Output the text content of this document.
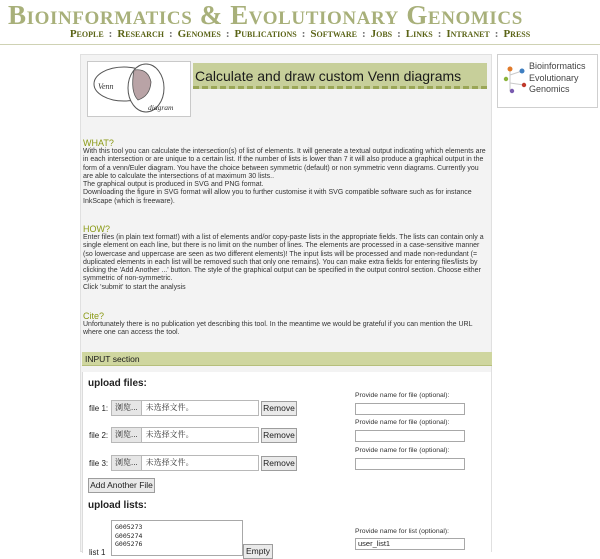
Bioinformatics & Evolutionary Genomics
People : Research : Genomes : Publications : Software : Jobs : Links : Intranet : Press
Venn
diagram
Calculate and draw custom Venn diagrams
WHAT?

With this tool you can calculate the intersection(s) of list of elements. It will generate a textual output indicating which elements are in each intersection or are unique to a certain list. If the number of lists is lower than 7 it will also produce a graphical output in the form of a venn/Euler diagram. You have the choice between symmetric (default) or non symmetric venn diagrams. Currently you are able to calculate the intersections of at maximum 30 lists..

The graphical output is produced in SVG and PNG format.

Downloading the figure in SVG format will allow you to further customise it with SVG compatible software such as for instance InkScape (which is freeware).

HOW?

Enter files (in plain text format!) with a list of elements and/or copy-paste lists in the appropriate fields. The lists can contain only a single element on each line, but there is no limit on the number of lines. The elements are processed in a case-sensitive manner (so lowercase and uppercase are seen as two different elements)! The input lists will be processed and made non-redundant (= duplicated elements in each list will be removed such that only one remains). You can make extra fields for entering files/lists by clicking the 'Add Another ...' button. The style of the graphical output can be specified in the output control section. Choose either symmetric of non-symmetric.

Click 'submit' to start the analysis

Cite?

Unfortunately there is no publication yet describing this tool. In the meantime we would be grateful if you can mention the URL where one can access the tool.

INPUT section
upload files:
file 1: 浏览... 未选择文件。	Remove
Provide name for file (optional):
file 2: 浏览... 未选择文件。	Remove
Provide name for file (optional):
file 3: 浏览... 未选择文件。	Remove
Provide name for file (optional):
Add Another File
upload lists:
list 1
G005273
G005274
G005276
Empty
Provide name for list (optional):
user_list1
Bioinformatics
Evolutionary
Genomics
